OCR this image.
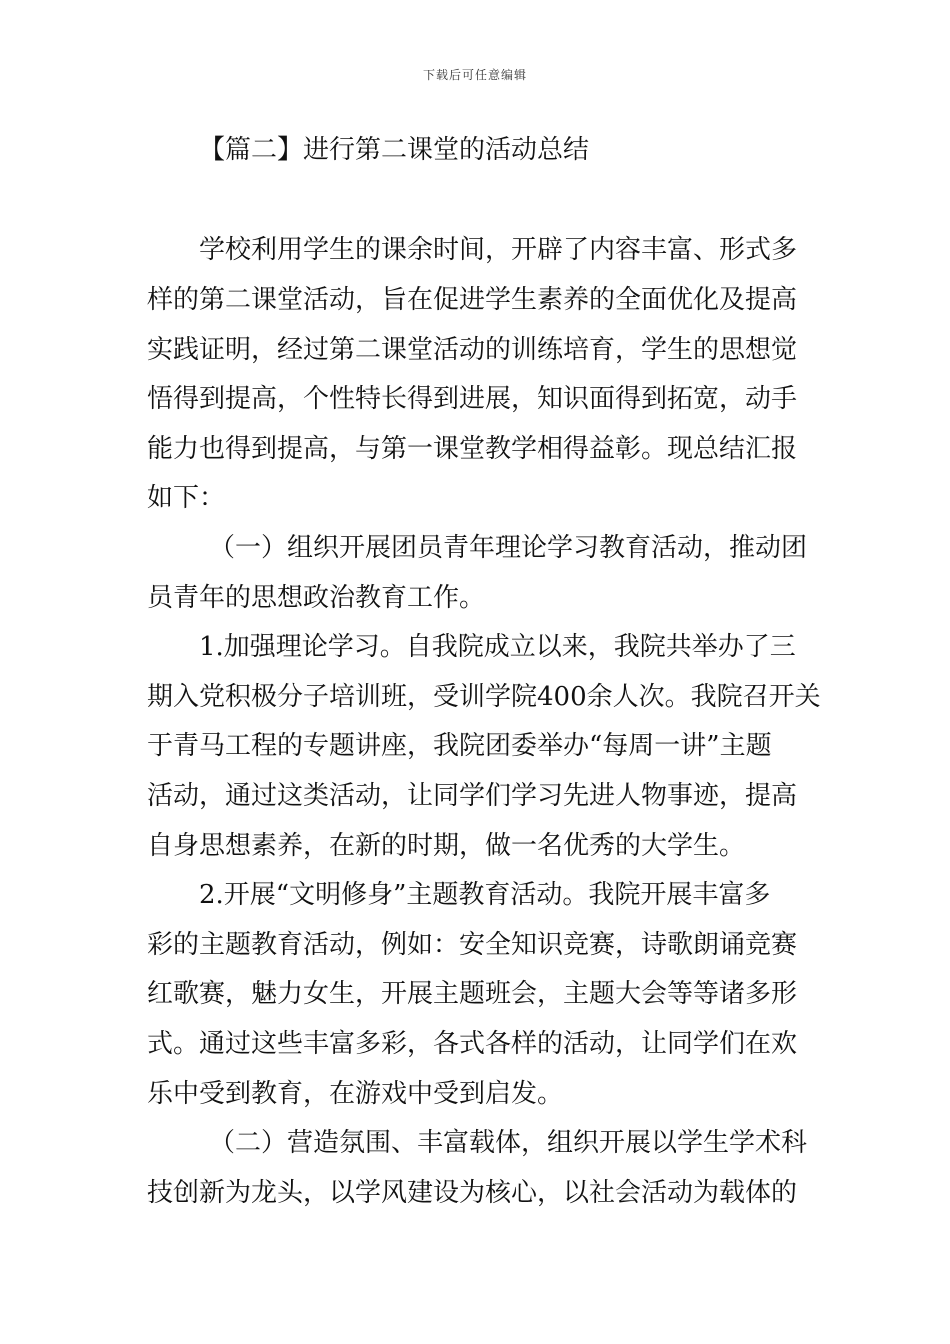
下载后可任意编辑
【篇二】进行第二课堂的活动总结
学校利用学生的课余时间，开辟了内容丰富、形式多
样的第二课堂活动，旨在促进学生素养的全面优化及提高
实践证明，经过第二课堂活动的训练培育，学生的思想觉
悟得到提高，个性特长得到进展，知识面得到拓宽，动手
能力也得到提高，与第一课堂教学相得益彰。现总结汇报
如下：
（一）组织开展团员青年理论学习教育活动，推动团
员青年的思想政治教育工作。
1.加强理论学习。自我院成立以来，我院共举办了三
期入党积极分子培训班，受训学院400余人次。我院召开关
于青马工程的专题讲座，我院团委举办“每周一讲”主题
活动，通过这类活动，让同学们学习先进人物事迹，提高
自身思想素养，在新的时期，做一名优秀的大学生。
2.开展“文明修身”主题教育活动。我院开展丰富多
彩的主题教育活动，例如：安全知识竞赛，诗歌朗诵竞赛
红歌赛，魅力女生，开展主题班会，主题大会等等诸多形
式。通过这些丰富多彩，各式各样的活动，让同学们在欢
乐中受到教育，在游戏中受到启发。
（二）营造氛围、丰富载体，组织开展以学生学术科
技创新为龙头，以学风建设为核心，以社会活动为载体的
